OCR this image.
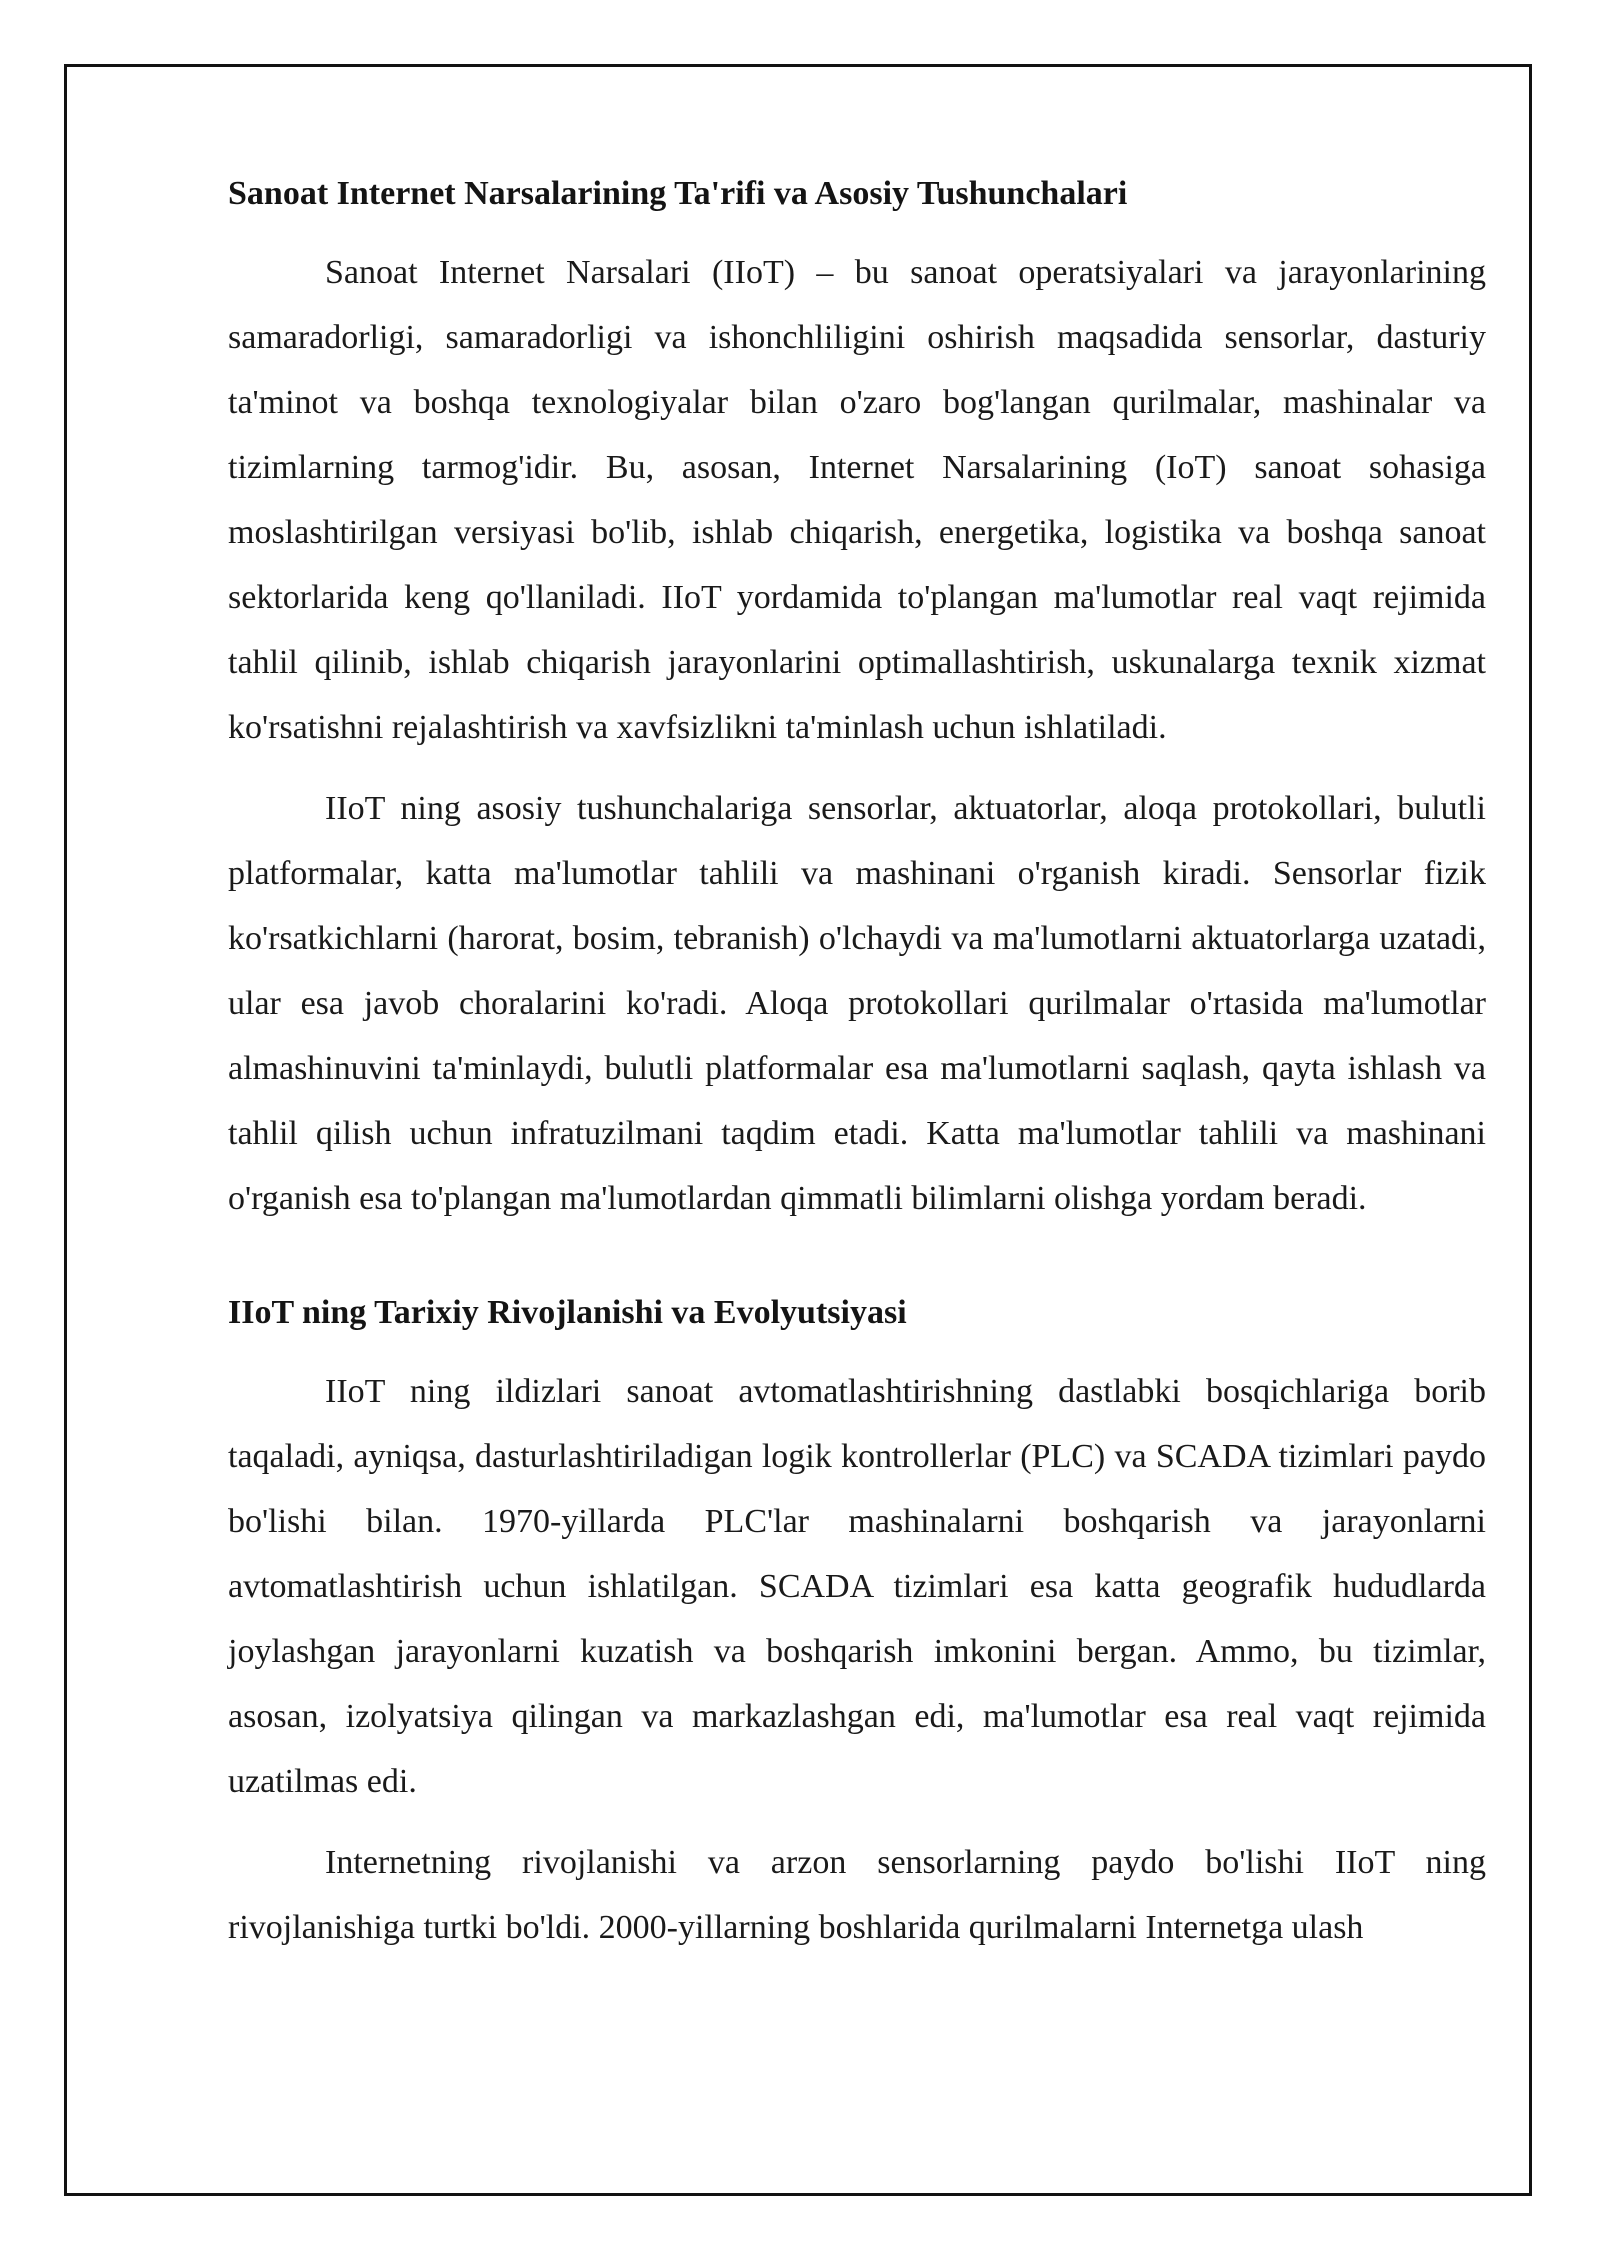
Sanoat Internet Narsalarining Ta'rifi va Asosiy Tushunchalari

Sanoat Internet Narsalari (IIoT) – bu sanoat operatsiyalari va jarayonlarining samaradorligi, samaradorligi va ishonchliligini oshirish maqsadida sensorlar, dasturiy ta'minot va boshqa texnologiyalar bilan o'zaro bog'langan qurilmalar, mashinalar va tizimlarning tarmog'idir. Bu, asosan, Internet Narsalarining (IoT) sanoat sohasiga moslashtirilgan versiyasi bo'lib, ishlab chiqarish, energetika, logistika va boshqa sanoat sektorlarida keng qo'llaniladi. IIoT yordamida to'plangan ma'lumotlar real vaqt rejimida tahlil qilinib, ishlab chiqarish jarayonlarini optimallashtirish, uskunalarga texnik xizmat ko'rsatishni rejalashtirish va xavfsizlikni ta'minlash uchun ishlatiladi.

IIoT ning asosiy tushunchalariga sensorlar, aktuatorlar, aloqa protokollari, bulutli platformalar, katta ma'lumotlar tahlili va mashinani o'rganish kiradi. Sensorlar fizik ko'rsatkichlarni (harorat, bosim, tebranish) o'lchaydi va ma'lumotlarni aktuatorlarga uzatadi, ular esa javob choralarini ko'radi. Aloqa protokollari qurilmalar o'rtasida ma'lumotlar almashinuvini ta'minlaydi, bulutli platformalar esa ma'lumotlarni saqlash, qayta ishlash va tahlil qilish uchun infratuzilmani taqdim etadi. Katta ma'lumotlar tahlili va mashinani o'rganish esa to'plangan ma'lumotlardan qimmatli bilimlarni olishga yordam beradi.

IIoT ning Tarixiy Rivojlanishi va Evolyutsiyasi

IIoT ning ildizlari sanoat avtomatlashtirishning dastlabki bosqichlariga borib taqaladi, ayniqsa, dasturlashtiriladigan logik kontrollerlar (PLC) va SCADA tizimlari paydo bo'lishi bilan. 1970-yillarda PLC'lar mashinalarni boshqarish va jarayonlarni avtomatlashtirish uchun ishlatilgan. SCADA tizimlari esa katta geografik hududlarda joylashgan jarayonlarni kuzatish va boshqarish imkonini bergan. Ammo, bu tizimlar, asosan, izolyatsiya qilingan va markazlashgan edi, ma'lumotlar esa real vaqt rejimida uzatilmas edi.

Internetning rivojlanishi va arzon sensorlarning paydo bo'lishi IIoT ning rivojlanishiga turtki bo'ldi. 2000-yillarning boshlarida qurilmalarni Internetga ulash
